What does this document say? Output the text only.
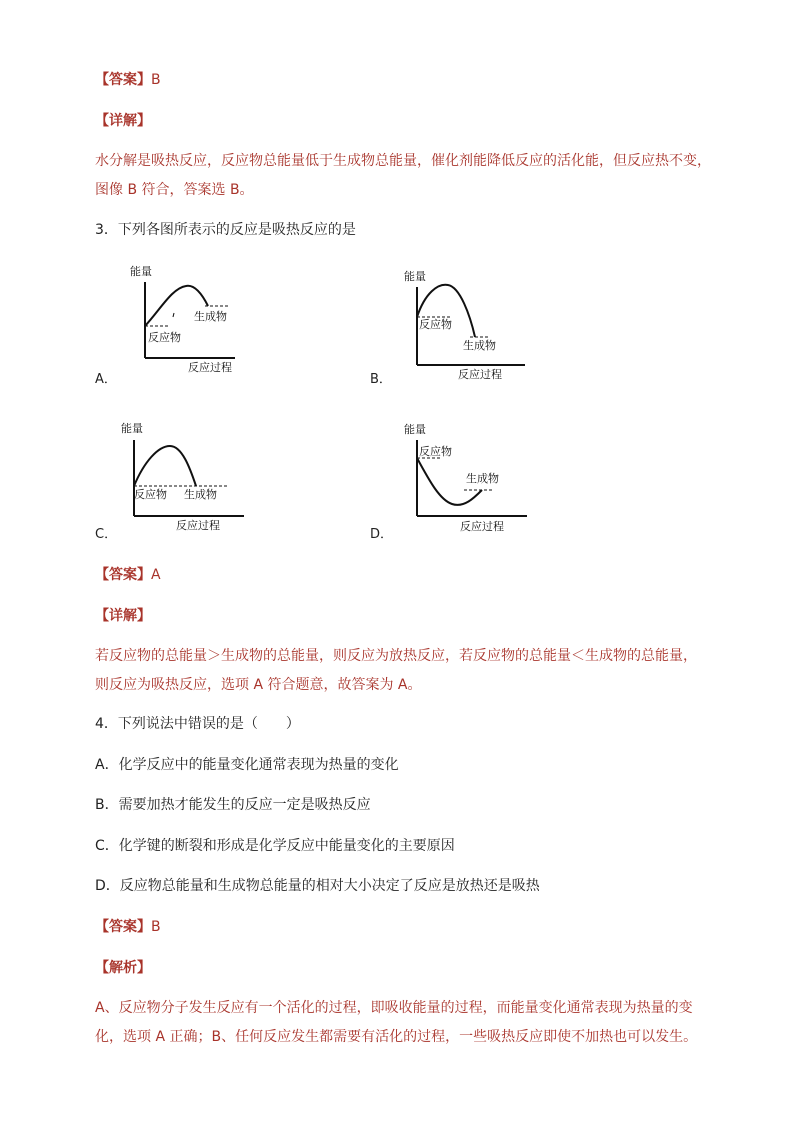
【答案】B
【详解】
水分解是吸热反应，反应物总能量低于生成物总能量，催化剂能降低反应的活化能，但反应热不变，
图像 B 符合，答案选 B。
3．下列各图所表示的反应是吸热反应的是
能量
生成物
反应物
反应过程
A．
能量
反应物
生成物
反应过程
B．
能量
反应物 生成物
反应过程
C．
能量
反应物
生成物
反应过程
D．
【答案】A
【详解】
若反应物的总能量＞生成物的总能量，则反应为放热反应，若反应物的总能量＜生成物的总能量，
则反应为吸热反应，选项 A 符合题意，故答案为 A。
4．下列说法中错误的是（　　）
A．化学反应中的能量变化通常表现为热量的变化
B．需要加热才能发生的反应一定是吸热反应
C．化学键的断裂和形成是化学反应中能量变化的主要原因
D．反应物总能量和生成物总能量的相对大小决定了反应是放热还是吸热
【答案】B
【解析】
A、反应物分子发生反应有一个活化的过程，即吸收能量的过程，而能量变化通常表现为热量的变
化，选项 A 正确；B、任何反应发生都需要有活化的过程，一些吸热反应即使不加热也可以发生。
